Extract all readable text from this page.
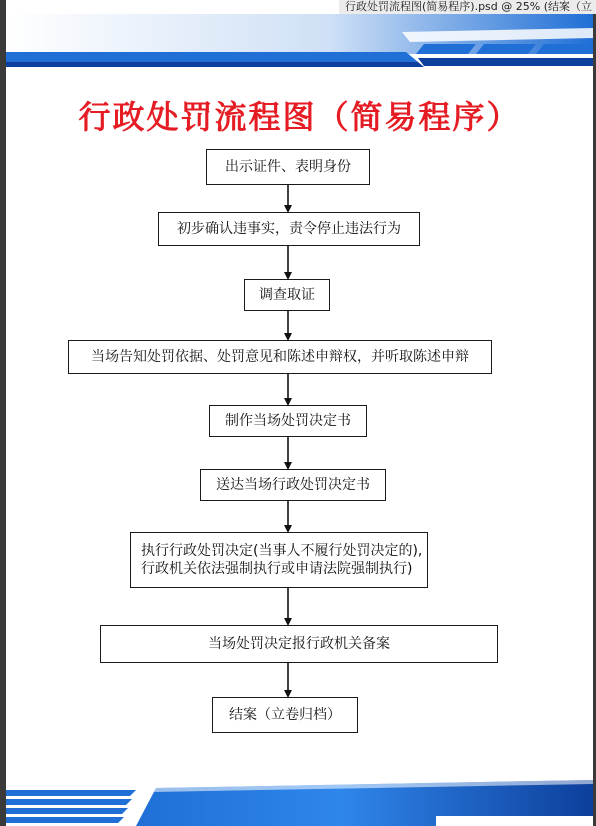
行政处罚流程图(简易程序).psd @ 25% (结案（立
行政处罚流程图（简易程序）
出示证件、表明身份
初步确认违事实，责令停止违法行为
调查取证
当场告知处罚依据、处罚意见和陈述申辩权，并听取陈述申辩
制作当场处罚决定书
送达当场行政处罚决定书
执行行政处罚决定(当事人不履行处罚决定的),
行政机关依法强制执行或申请法院强制执行)
当场处罚决定报行政机关备案
结案（立卷归档）
